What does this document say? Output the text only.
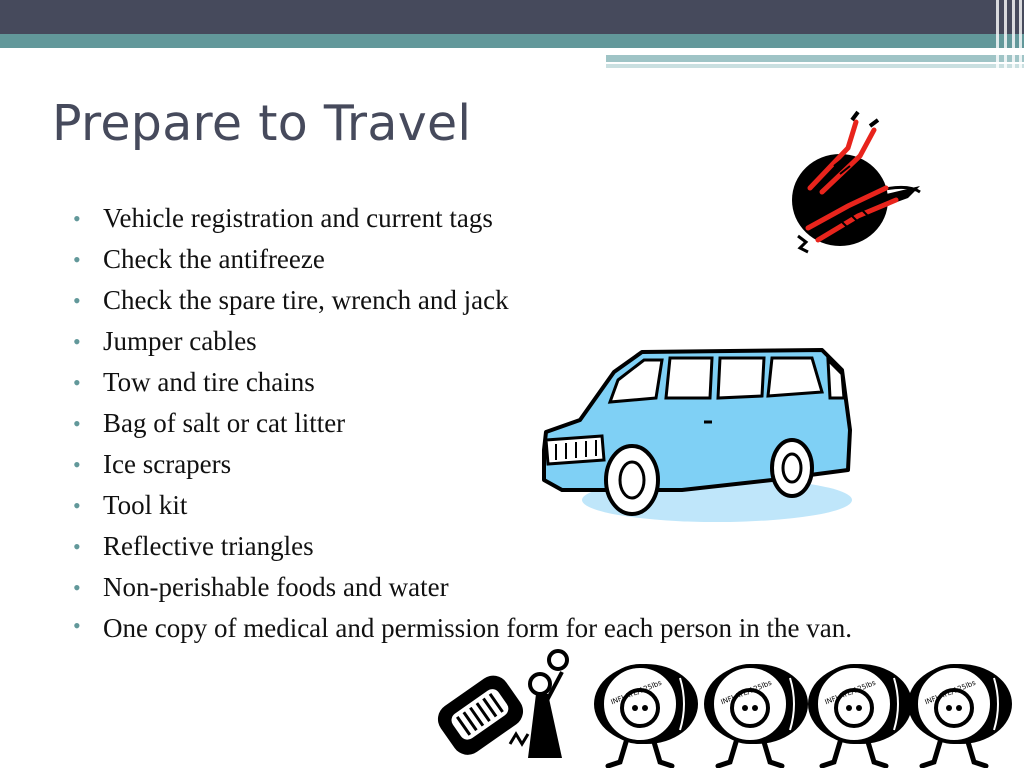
Prepare to Travel
• Vehicle registration and current tags
• Check the antifreeze
• Check the spare tire, wrench and jack
• Jumper cables
• Tow and tire chains
• Bag of salt or cat litter
• Ice scrapers
• Tool kit
• Reflective triangles
• Non-perishable foods and water
• One copy of medical and permission form for each person in the van.
INFLATE/125lbs	INFLATE/125lbs	INFLATE/125lbs	INFLATE/125lbs
